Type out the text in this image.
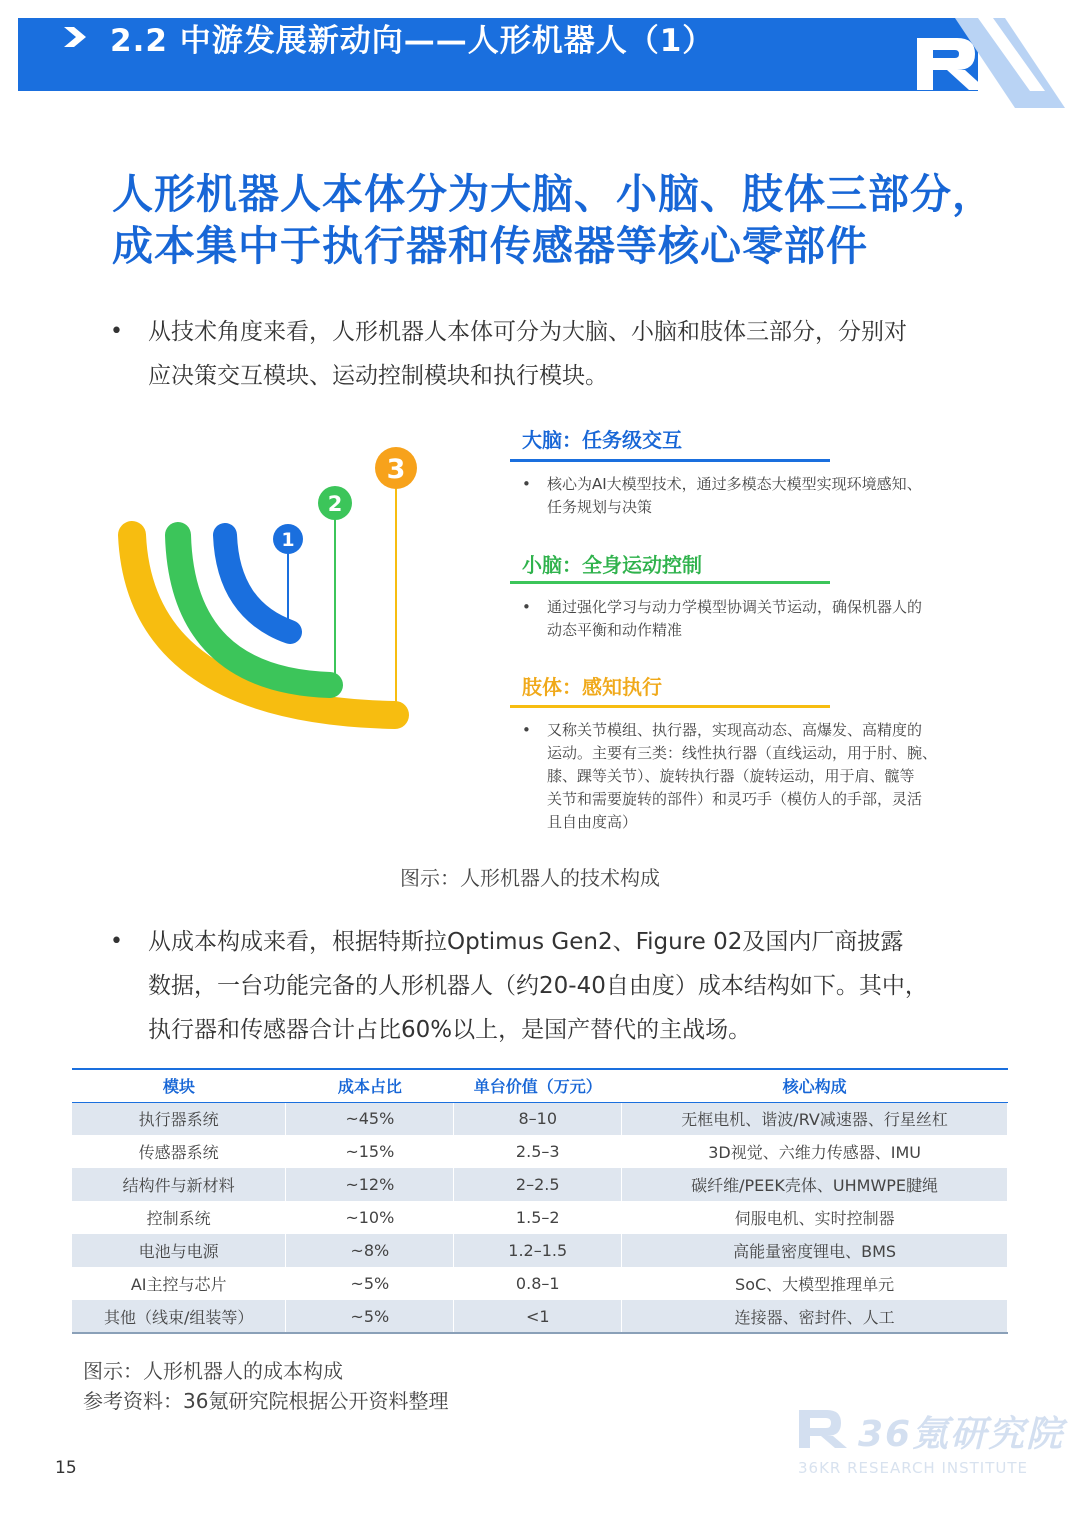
2.2 中游发展新动向——人形机器人（1）
人形机器人本体分为大脑、小脑、肢体三部分，
成本集中于执行器和传感器等核心零部件
• 从技术角度来看，人形机器人本体可分为大脑、小脑和肢体三部分，分别对
应决策交互模块、运动控制模块和执行模块。
1
2
3
大脑：任务级交互
• 核心为AI大模型技术，通过多模态大模型实现环境感知、
任务规划与决策
小脑：全身运动控制
• 通过强化学习与动力学模型协调关节运动，确保机器人的
动态平衡和动作精准
肢体：感知执行
• 又称关节模组、执行器，实现高动态、高爆发、高精度的
运动。主要有三类：线性执行器（直线运动，用于肘、腕、
膝、踝等关节）、旋转执行器（旋转运动，用于肩、髋等
关节和需要旋转的部件）和灵巧手（模仿人的手部，灵活
且自由度高）
图示：人形机器人的技术构成
• 从成本构成来看，根据特斯拉Optimus Gen2、Figure 02及国内厂商披露
数据，一台功能完备的人形机器人（约20-40自由度）成本结构如下。其中，
执行器和传感器合计占比60%以上，是国产替代的主战场。
模块	成本占比	单台价值（万元）	核心构成
执行器系统	~45%	8–10	无框电机、谐波/RV减速器、行星丝杠
传感器系统	~15%	2.5–3	3D视觉、六维力传感器、IMU
结构件与新材料	~12%	2–2.5	碳纤维/PEEK壳体、UHMWPE腱绳
控制系统	~10%	1.5–2	伺服电机、实时控制器
电池与电源	~8%	1.2–1.5	高能量密度锂电、BMS
AI主控与芯片	~5%	0.8–1	SoC、大模型推理单元
其他（线束/组装等）	~5%	<1	连接器、密封件、人工
图示：人形机器人的成本构成
参考资料：36氪研究院根据公开资料整理
15
36氪研究院
36KR RESEARCH INSTITUTE
